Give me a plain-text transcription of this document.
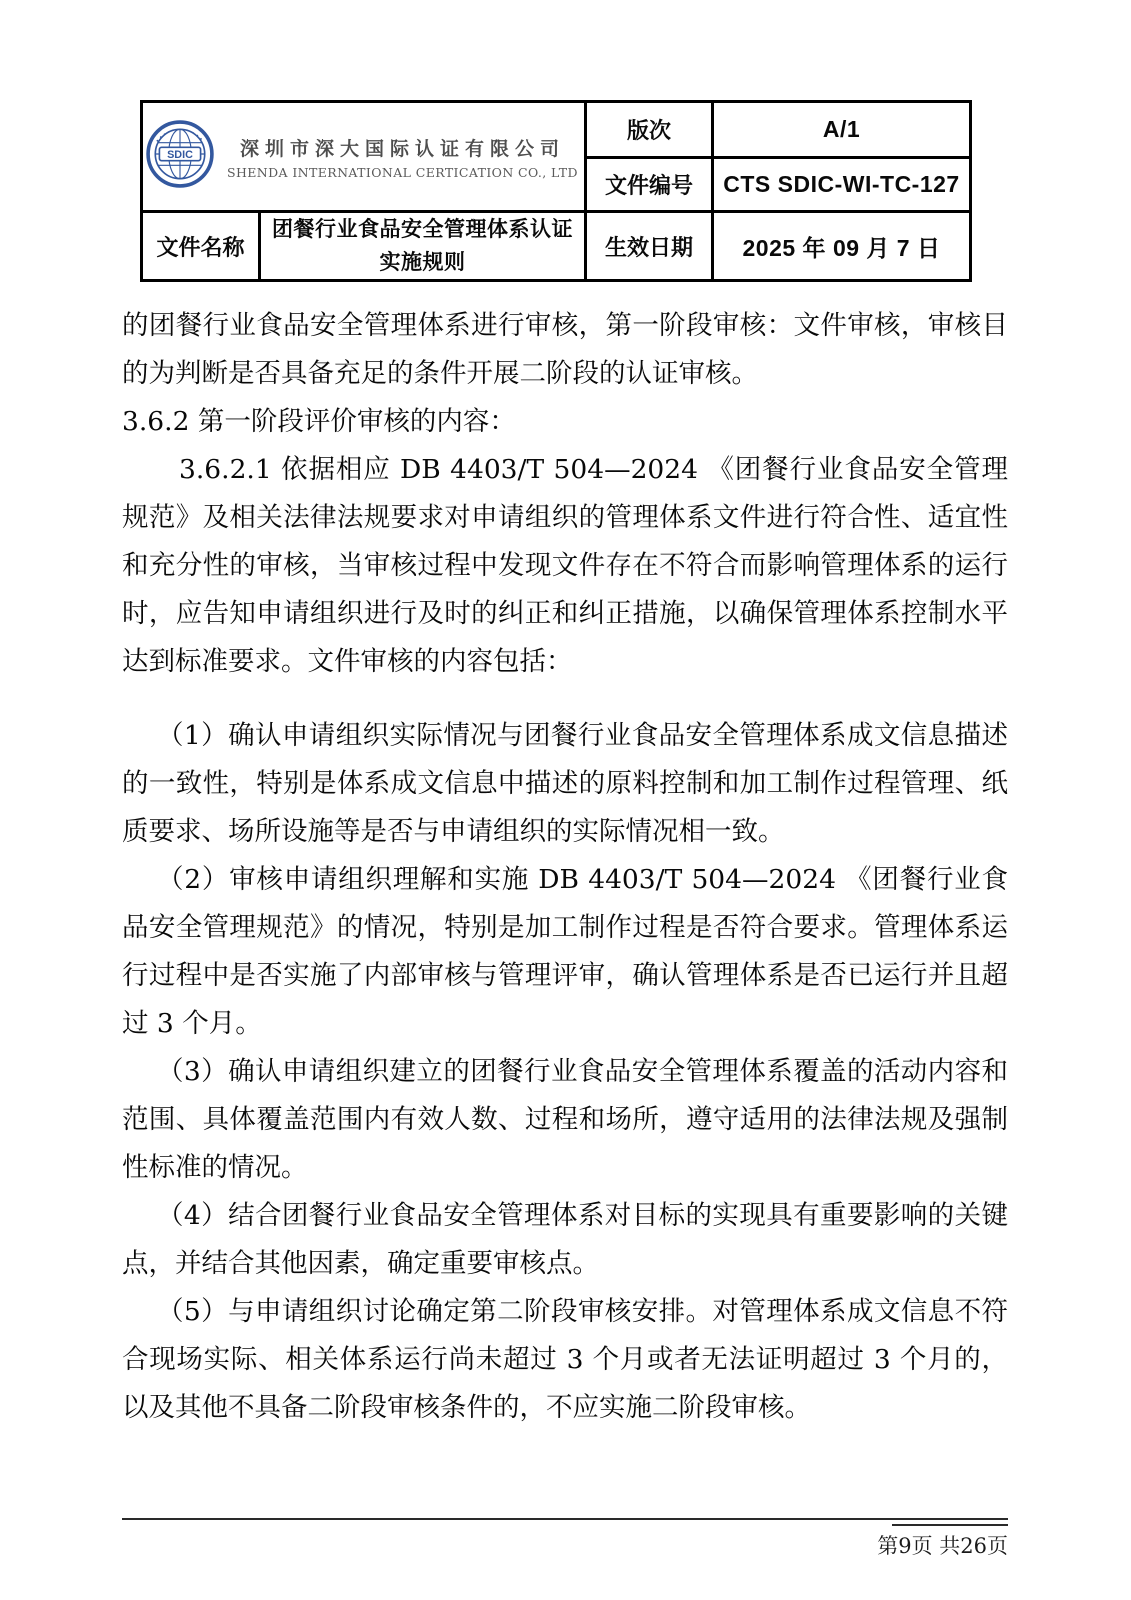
SDIC 深圳市深大国际认证有限公司
SHENDA INTERNATIONAL CERTICATION CO., LTD		版次	A/1
		文件编号	CTS SDIC-WI-TC-127
文件名称	团餐行业食品安全管理体系认证实施规则	生效日期	2025 年 09 月 7 日

的团餐行业食品安全管理体系进行审核，第一阶段审核：文件审核，审核目的为判断是否具备充足的条件开展二阶段的认证审核。

3.6.2 第一阶段评价审核的内容：

3.6.2.1 依据相应 DB 4403/T 504—2024 《团餐行业食品安全管理规范》及相关法律法规要求对申请组织的管理体系文件进行符合性、适宜性和充分性的审核，当审核过程中发现文件存在不符合而影响管理体系的运行时，应告知申请组织进行及时的纠正和纠正措施，以确保管理体系控制水平达到标准要求。文件审核的内容包括：

（1）确认申请组织实际情况与团餐行业食品安全管理体系成文信息描述的一致性，特别是体系成文信息中描述的原料控制和加工制作过程管理、纸质要求、场所设施等是否与申请组织的实际情况相一致。

（2）审核申请组织理解和实施 DB 4403/T 504—2024 《团餐行业食品安全管理规范》的情况，特别是加工制作过程是否符合要求。管理体系运行过程中是否实施了内部审核与管理评审，确认管理体系是否已运行并且超过 3 个月。

（3）确认申请组织建立的团餐行业食品安全管理体系覆盖的活动内容和范围、具体覆盖范围内有效人数、过程和场所，遵守适用的法律法规及强制性标准的情况。

（4）结合团餐行业食品安全管理体系对目标的实现具有重要影响的关键点，并结合其他因素，确定重要审核点。

（5）与申请组织讨论确定第二阶段审核安排。对管理体系成文信息不符合现场实际、相关体系运行尚未超过 3 个月或者无法证明超过 3 个月的，以及其他不具备二阶段审核条件的，不应实施二阶段审核。

第9页 共26页
